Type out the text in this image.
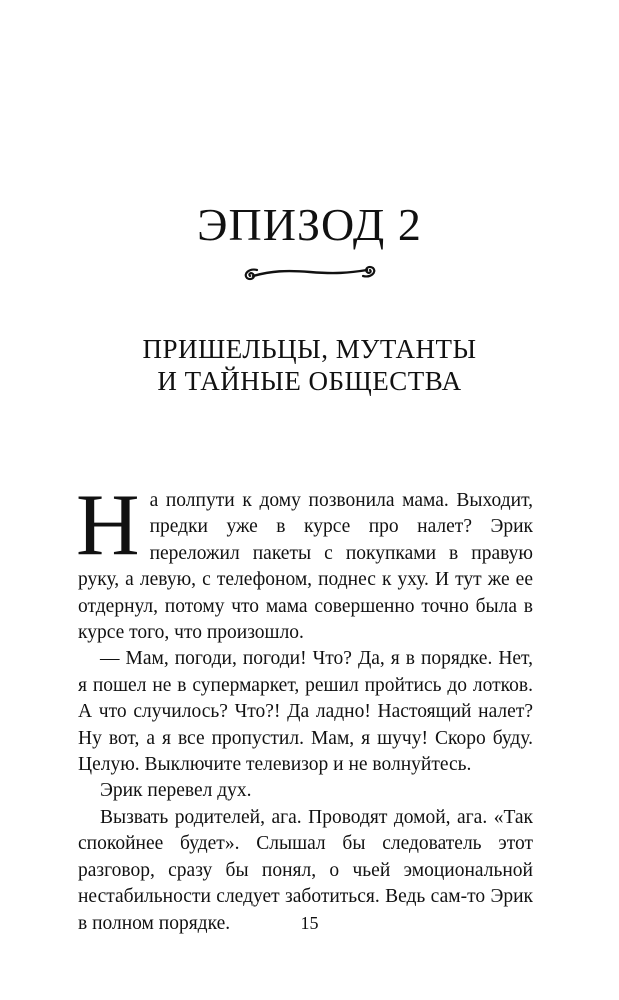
ЭПИЗОД 2
ПРИШЕЛЬЦЫ, МУТАНТЫ
И ТАЙНЫЕ ОБЩЕСТВА

На полпути к дому позвонила мама. Выходит, предки уже в курсе про налет? Эрик переложил пакеты с покупками в правую руку, а левую, с телефоном, поднес к уху. И тут же ее отдернул, потому что мама совершенно точно была в курсе того, что произошло.

— Мам, погоди, погоди! Что? Да, я в порядке. Нет, я пошел не в супермаркет, решил пройтись до лотков. А что случилось? Что?! Да ладно! Настоящий налет? Ну вот, а я все пропустил. Мам, я шучу! Скоро буду. Целую. Выключите телевизор и не волнуйтесь.

Эрик перевел дух.

Вызвать родителей, ага. Проводят домой, ага. «Так спокойнее будет». Слышал бы следователь этот разговор, сразу бы понял, о чьей эмоциональной нестабильности следует заботиться. Ведь сам-то Эрик в полном порядке.	15
